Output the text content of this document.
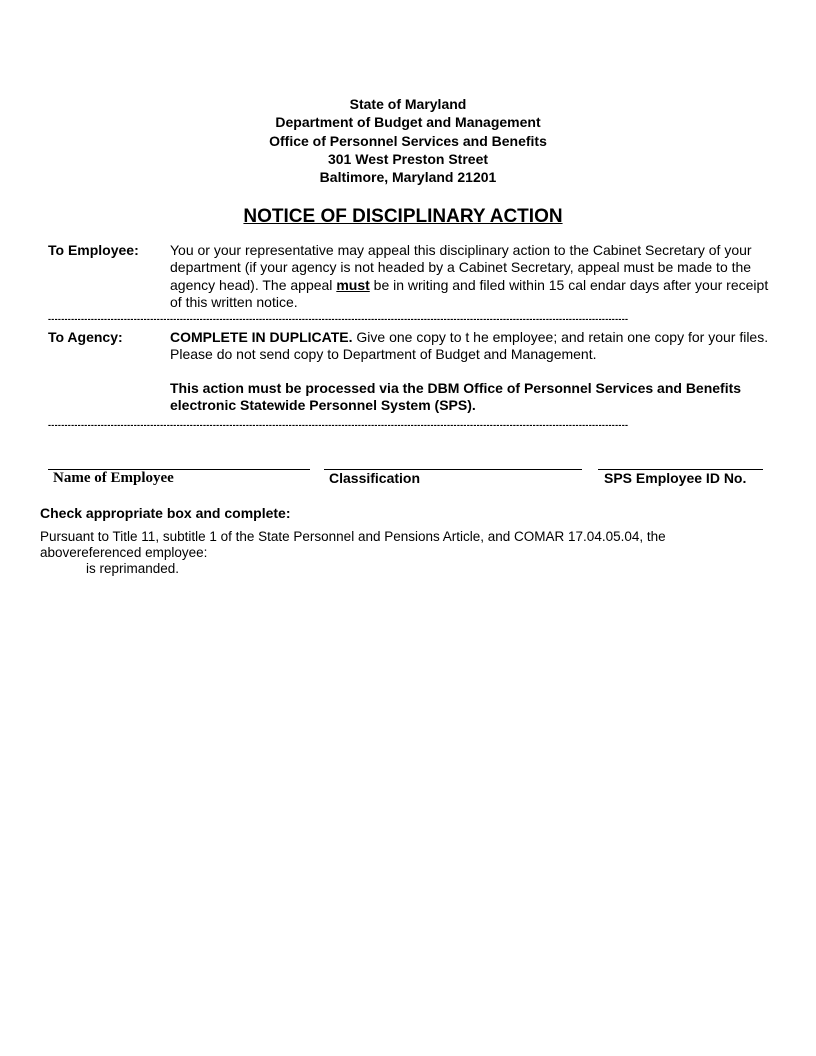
State of Maryland
Department of Budget and Management
Office of Personnel Services and Benefits
301 West Preston Street
Baltimore, Maryland 21201
NOTICE OF DISCIPLINARY ACTION
To Employee: You or your representative may appeal this disciplinary action to the Cabinet Secretary of your department (if your agency is not headed by a Cabinet Secretary, appeal must be made to the agency head). The appeal must be in writing and filed within 15 cal endar days after your receipt of this written notice.
--------------------------------------------------------------------------------------------------------------------------------------------------------------------------------
To Agency:	COMPLETE IN DUPLICATE. Give one copy to t he employee; and retain one copy for your files. Please do not send copy to Department of Budget and Management.
This action must be processed via the DBM Office of Personnel Services and Benefits electronic Statewide Personnel System (SPS).
--------------------------------------------------------------------------------------------------------------------------------------------------------------------------------
Name of Employee	Classification	SPS Employee ID No.
Check appropriate box and complete:
Pursuant to Title 11, subtitle 1 of the State Personnel and Pensions Article, and COMAR 17.04.05.04, the abovereferenced employee:
is reprimanded.
